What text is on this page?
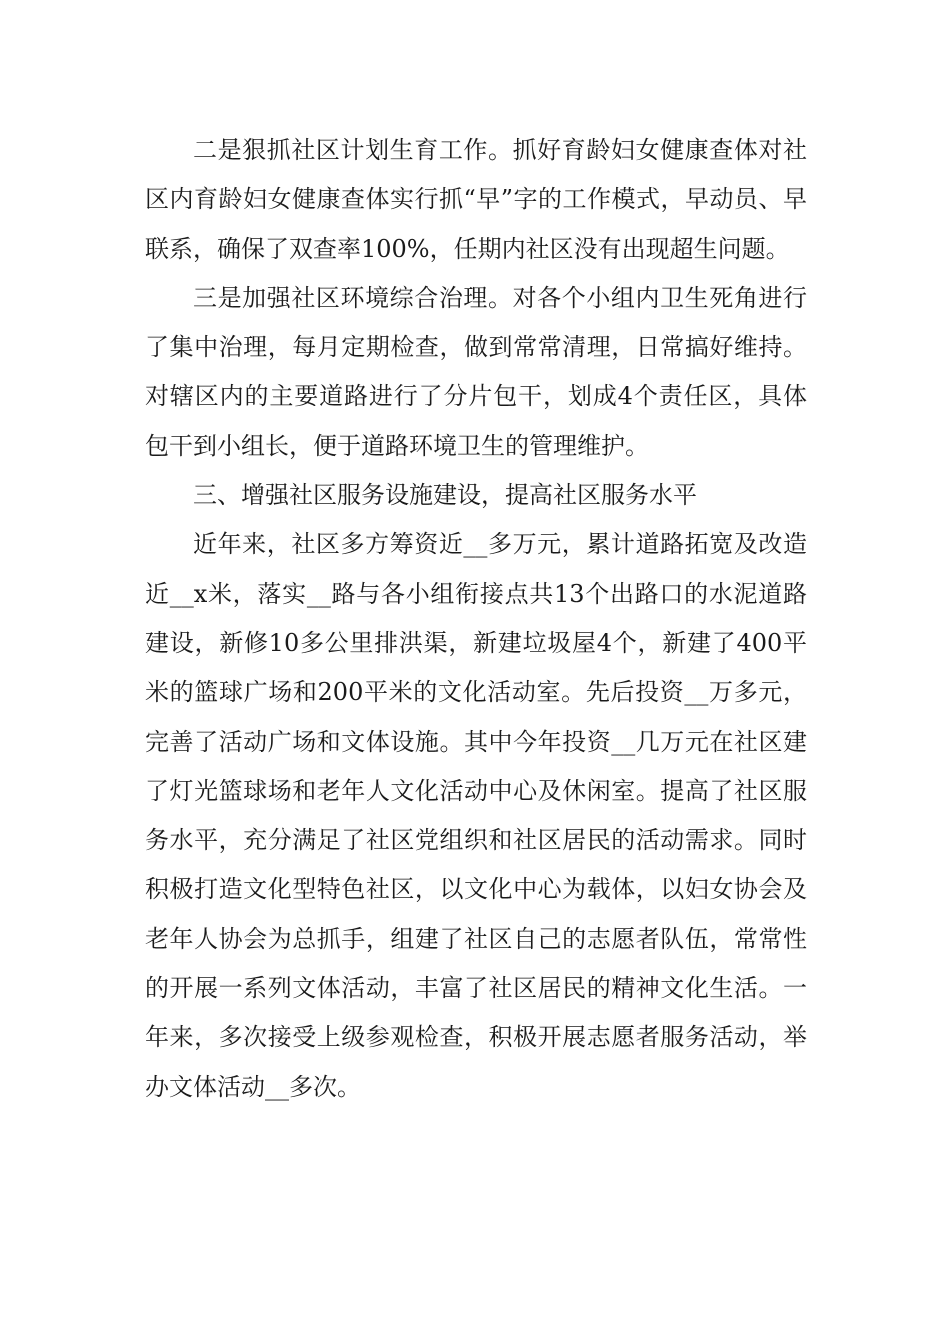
二是狠抓社区计划生育工作。抓好育龄妇女健康查体对社区内育龄妇女健康查体实行抓“早”字的工作模式，早动员、早联系，确保了双查率100%，任期内社区没有出现超生问题。

三是加强社区环境综合治理。对各个小组内卫生死角进行了集中治理，每月定期检查，做到常常清理，日常搞好维持。对辖区内的主要道路进行了分片包干，划成4个责任区，具体包干到小组长，便于道路环境卫生的管理维护。

三、增强社区服务设施建设，提高社区服务水平

近年来，社区多方筹资近__多万元，累计道路拓宽及改造近__x米，落实__路与各小组衔接点共13个出路口的水泥道路建设，新修10多公里排洪渠，新建垃圾屋4个，新建了400平米的篮球广场和200平米的文化活动室。先后投资__万多元，完善了活动广场和文体设施。其中今年投资__几万元在社区建了灯光篮球场和老年人文化活动中心及休闲室。提高了社区服务水平，充分满足了社区党组织和社区居民的活动需求。同时积极打造文化型特色社区，以文化中心为载体，以妇女协会及老年人协会为总抓手，组建了社区自己的志愿者队伍，常常性的开展一系列文体活动，丰富了社区居民的精神文化生活。一年来，多次接受上级参观检查，积极开展志愿者服务活动，举办文体活动__多次。
